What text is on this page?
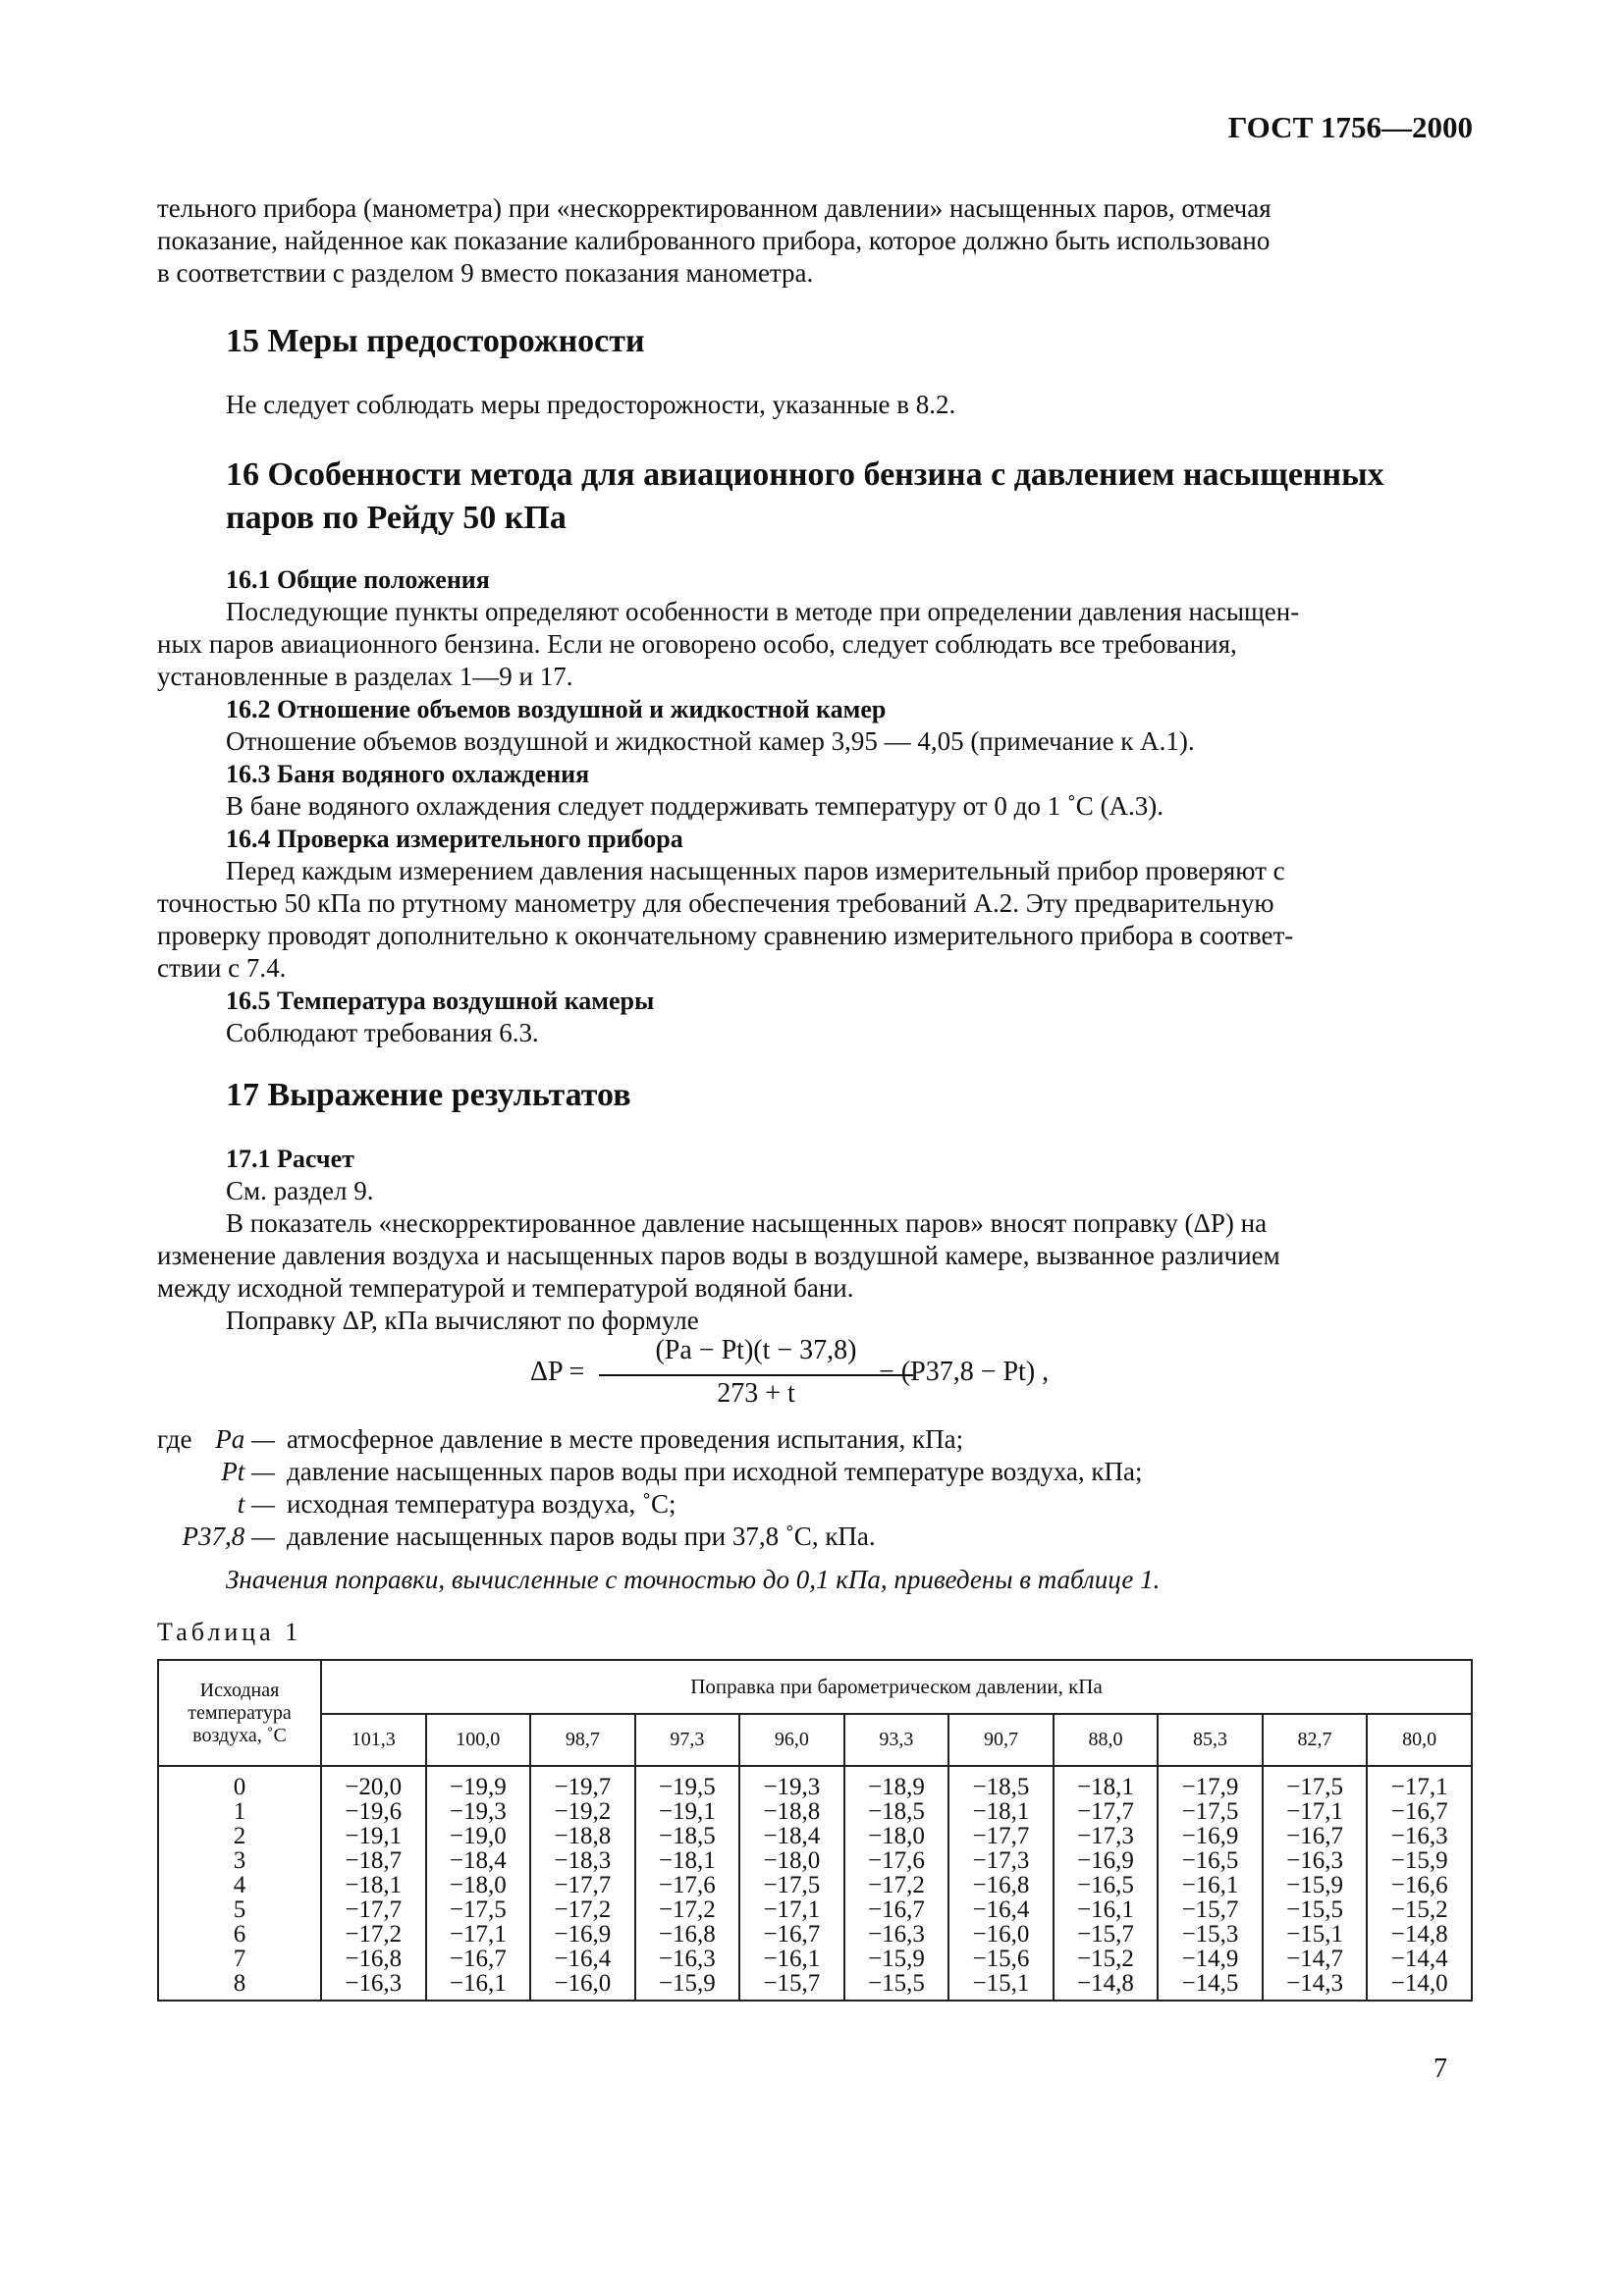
ГОСТ 1756—2000
тельного прибора (манометра) при «нескорректированном давлении» насыщенных паров, отмечая
показание, найденное как показание калиброванного прибора, которое должно быть использовано
в соответствии с разделом 9 вместо показания манометра.
15 Меры предосторожности
Не следует соблюдать меры предосторожности, указанные в 8.2.
16 Особенности метода для авиационного бензина с давлением насыщенных
паров по Рейду 50 кПа
16.1 Общие положения
Последующие пункты определяют особенности в методе при определении давления насыщен-
ных паров авиационного бензина. Если не оговорено особо, следует соблюдать все требования,
установленные в разделах 1—9 и 17.
16.2 Отношение объемов воздушной и жидкостной камер
Отношение объемов воздушной и жидкостной камер 3,95 — 4,05 (примечание к А.1).
16.3 Баня водяного охлаждения
В бане водяного охлаждения следует поддерживать температуру от 0 до 1 ˚С (А.3).
16.4 Проверка измерительного прибора
Перед каждым измерением давления насыщенных паров измерительный прибор проверяют с
точностью 50 кПа по ртутному манометру для обеспечения требований А.2. Эту предварительную
проверку проводят дополнительно к окончательному сравнению измерительного прибора в соответ-
ствии с 7.4.
16.5 Температура воздушной камеры
Соблюдают требования 6.3.
17 Выражение результатов
17.1 Расчет
См. раздел 9.
В показатель «нескорректированное давление насыщенных паров» вносят поправку (ΔP) на
изменение давления воздуха и насыщенных паров воды в воздушной камере, вызванное различием
между исходной температурой и температурой водяной бани.
Поправку ΔP, кПа вычисляют по формуле
ΔP =
(Pa − Pt)(t − 37,8)
273 + t
− (P37,8 − Pt) ,
где Pa — атмосферное давление в месте проведения испытания, кПа;
Pt — давление насыщенных паров воды при исходной температуре воздуха, кПа;
t — исходная температура воздуха, ˚С;
P37,8 — давление насыщенных паров воды при 37,8 ˚С, кПа.
Значения поправки, вычисленные с точностью до 0,1 кПа, приведены в таблице 1.
Таблица 1
Исходная температура воздуха, ˚С	Поправка при барометрическом давлении, кПа										
	101,3	100,0	98,7	97,3	96,0	93,3	90,7	88,0	85,3	82,7	80,0
0	−20,0	−19,9	−19,7	−19,5	−19,3	−18,9	−18,5	−18,1	−17,9	−17,5	−17,1
1	−19,6	−19,3	−19,2	−19,1	−18,8	−18,5	−18,1	−17,7	−17,5	−17,1	−16,7
2	−19,1	−19,0	−18,8	−18,5	−18,4	−18,0	−17,7	−17,3	−16,9	−16,7	−16,3
3	−18,7	−18,4	−18,3	−18,1	−18,0	−17,6	−17,3	−16,9	−16,5	−16,3	−15,9
4	−18,1	−18,0	−17,7	−17,6	−17,5	−17,2	−16,8	−16,5	−16,1	−15,9	−16,6
5	−17,7	−17,5	−17,2	−17,2	−17,1	−16,7	−16,4	−16,1	−15,7	−15,5	−15,2
6	−17,2	−17,1	−16,9	−16,8	−16,7	−16,3	−16,0	−15,7	−15,3	−15,1	−14,8
7	−16,8	−16,7	−16,4	−16,3	−16,1	−15,9	−15,6	−15,2	−14,9	−14,7	−14,4
8	−16,3	−16,1	−16,0	−15,9	−15,7	−15,5	−15,1	−14,8	−14,5	−14,3	−14,0
7
